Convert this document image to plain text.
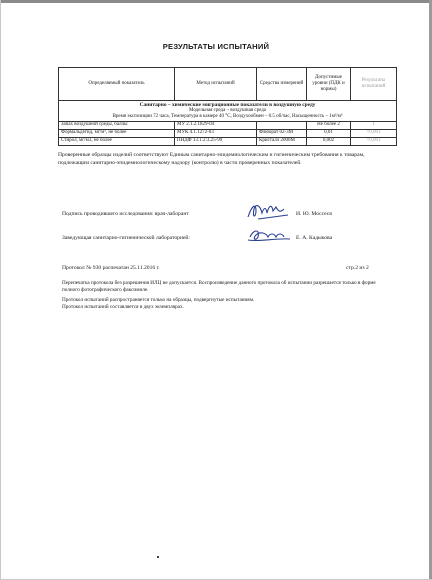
РЕЗУЛЬТАТЫ ИСПЫТАНИЙ
Определяемый показатель	Метод испытаний	Средства измерений	Допустимые уровни (ПДК и нормы)	Результаты испытаний

Санитарно – химические миграционные показатели в воздушную среду
Модельная среда – воздушная среда
Время экспозиции 72 часа, Температура в камере 40 °С, Воздухообмен – 0.5 об/час, Насыщенность – 1м²/м³				

Запах воздушной среды, баллы	МУ 2.1.2.1829-04		Не более 2	1
Формальдегид, мг/м³, не более	МУК 4.1.1272-03	Флюорат 02-3М	0,01	<0,001
Стирол, мг/м3, не более	ПНДФ 13.1:2:3.25-99	Кристалл 2000М	0,002	<0,001
Проверенные образцы изделий соответствуют Единым санитарно-эпидемиологическим и гигиеническим требования к товарам, подлежащим санитарно-эпидемиологическому надзору (контролю) в части проверенных показателей.
Подпись проводившего исследования: врач-лаборант	И. Ю. Моссеся
Заведующая санитарно-гигиенической лабораторией:	Е. А. Кадыкова
Протокол № 930 распечатан 25.11.2016 г.	стр.2 из 2
Перепечатка протокола без разрешения ИЛЦ не допускается. Воспроизведение данного протокола об испытании разрешается только в форме полного фотографического факсимиле.
Протокол испытаний распространяется только на образцы, подвергнутые испытаниям.
Протокол испытаний составляется в двух экземплярах.
